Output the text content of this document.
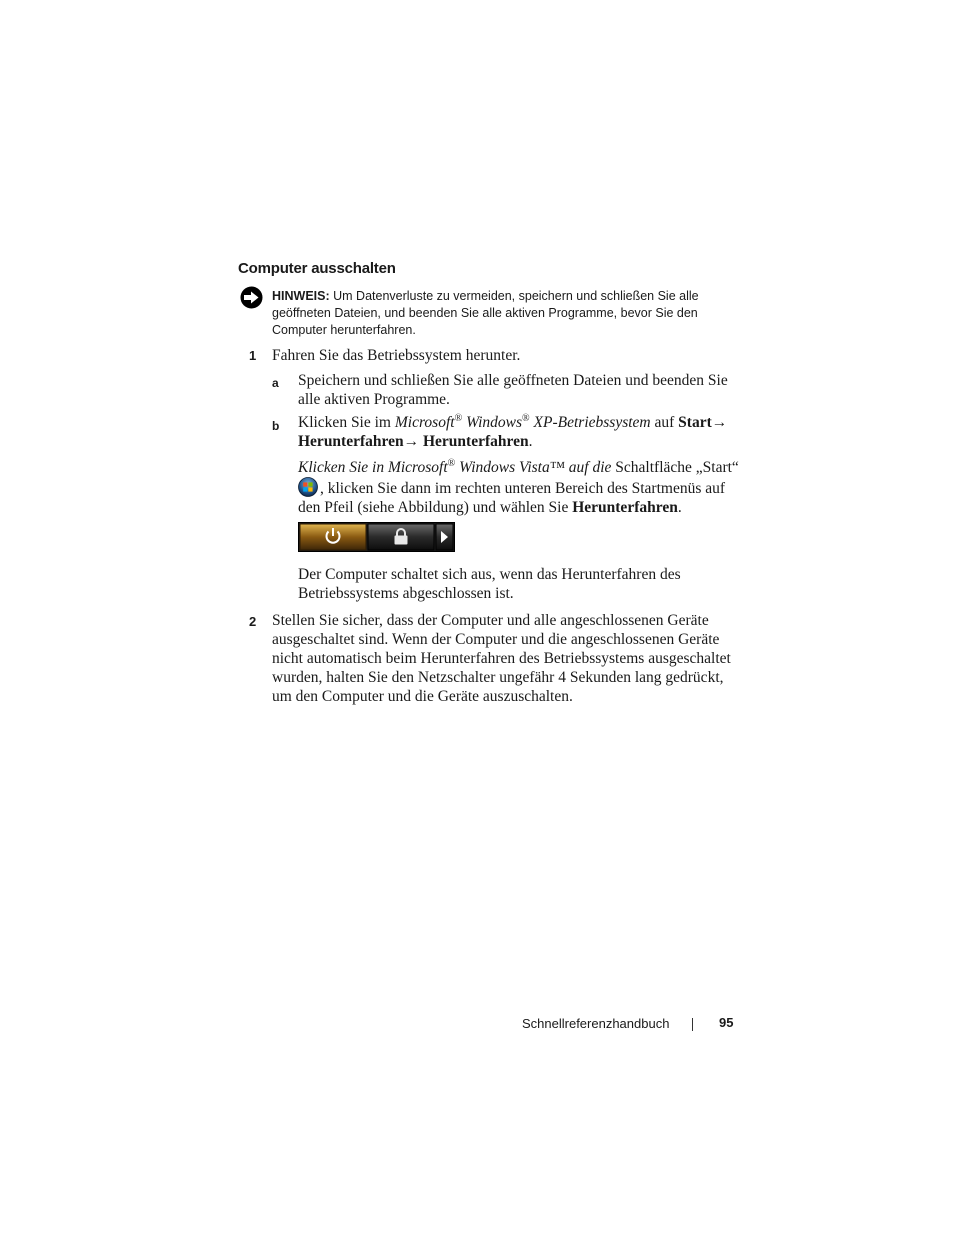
Computer ausschalten
HINWEIS: Um Datenverluste zu vermeiden, speichern und schließen Sie alle geöffneten Dateien, und beenden Sie alle aktiven Programme, bevor Sie den Computer herunterfahren.
1 Fahren Sie das Betriebssystem herunter.
a Speichern und schließen Sie alle geöffneten Dateien und beenden Sie alle aktiven Programme.
b Klicken Sie im Microsoft® Windows® XP-Betriebssystem auf Start→
Herunterfahren→ Herunterfahren.
Klicken Sie in Microsoft® Windows Vista™ auf die Schaltfläche „Start“
, klicken Sie dann im rechten unteren Bereich des Startmenüs auf den Pfeil (siehe Abbildung) und wählen Sie Herunterfahren.
Der Computer schaltet sich aus, wenn das Herunterfahren des Betriebssystems abgeschlossen ist.
2 Stellen Sie sicher, dass der Computer und alle angeschlossenen Geräte ausgeschaltet sind. Wenn der Computer und die angeschlossenen Geräte nicht automatisch beim Herunterfahren des Betriebssystems ausgeschaltet wurden, halten Sie den Netzschalter ungefähr 4 Sekunden lang gedrückt, um den Computer und die Geräte auszuschalten.
Schnellreferenzhandbuch	95
